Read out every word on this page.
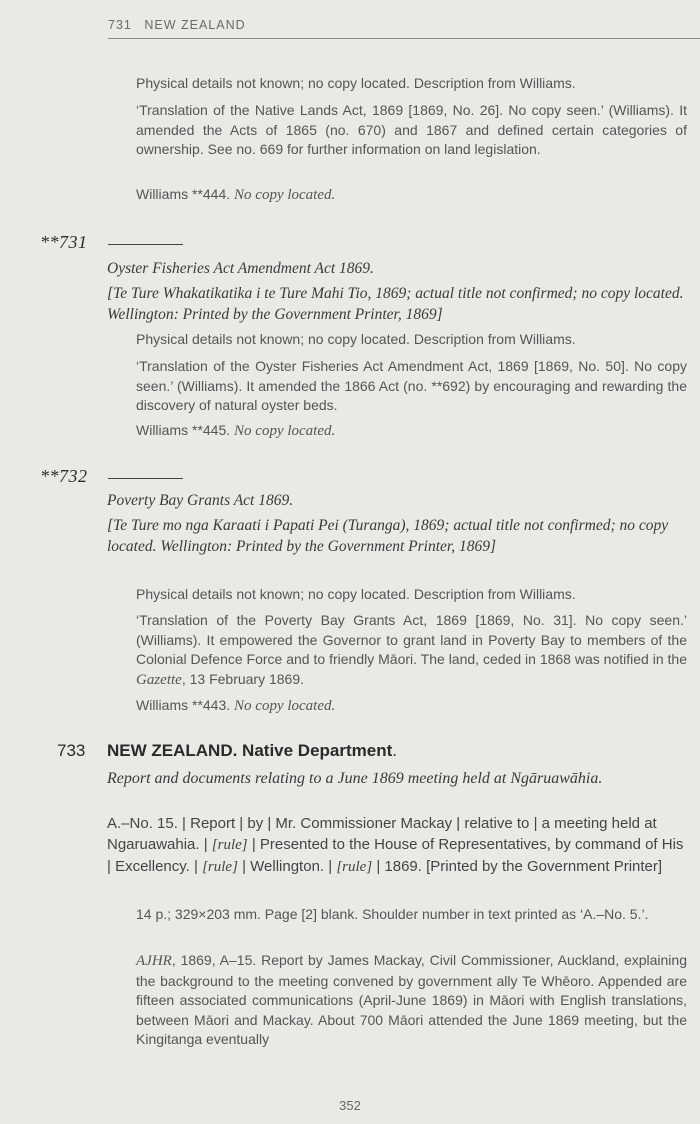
731 NEW ZEALAND
Physical details not known; no copy located. Description from Williams.
‘Translation of the Native Lands Act, 1869 [1869, No. 26]. No copy seen.’ (Williams). It amended the Acts of 1865 (no. 670) and 1867 and defined certain categories of ownership. See no. 669 for further information on land legislation.
Williams **444. No copy located.
**731
Oyster Fisheries Act Amendment Act 1869.
[Te Ture Whakatikatika i te Ture Mahi Tio, 1869; actual title not confirmed; no copy located. Wellington: Printed by the Government Printer, 1869]
Physical details not known; no copy located. Description from Williams.
‘Translation of the Oyster Fisheries Act Amendment Act, 1869 [1869, No. 50]. No copy seen.’ (Williams). It amended the 1866 Act (no. **692) by encouraging and rewarding the discovery of natural oyster beds.
Williams **445. No copy located.
**732
Poverty Bay Grants Act 1869.
[Te Ture mo nga Karaati i Papati Pei (Turanga), 1869; actual title not confirmed; no copy located. Wellington: Printed by the Government Printer, 1869]
Physical details not known; no copy located. Description from Williams.
‘Translation of the Poverty Bay Grants Act, 1869 [1869, No. 31]. No copy seen.’ (Williams). It empowered the Governor to grant land in Poverty Bay to members of the Colonial Defence Force and to friendly Māori. The land, ceded in 1868 was notified in the Gazette, 13 February 1869.
Williams **443. No copy located.
733 NEW ZEALAND. Native Department.
Report and documents relating to a June 1869 meeting held at Ngāruawāhia.
A.–No. 15. | Report | by | Mr. Commissioner Mackay | relative to | a meeting held at Ngaruawahia. | [rule] | Presented to the House of Representatives, by command of His | Excellency. | [rule] | Wellington. | [rule] | 1869. [Printed by the Government Printer]
14 p.; 329×203 mm. Page [2] blank. Shoulder number in text printed as ‘A.–No. 5.’.
AJHR, 1869, A–15. Report by James Mackay, Civil Commissioner, Auckland, explaining the background to the meeting convened by government ally Te Whēoro. Appended are fifteen associated communications (April-June 1869) in Māori with English translations, between Māori and Mackay. About 700 Māori attended the June 1869 meeting, but the Kingitanga eventually
352
